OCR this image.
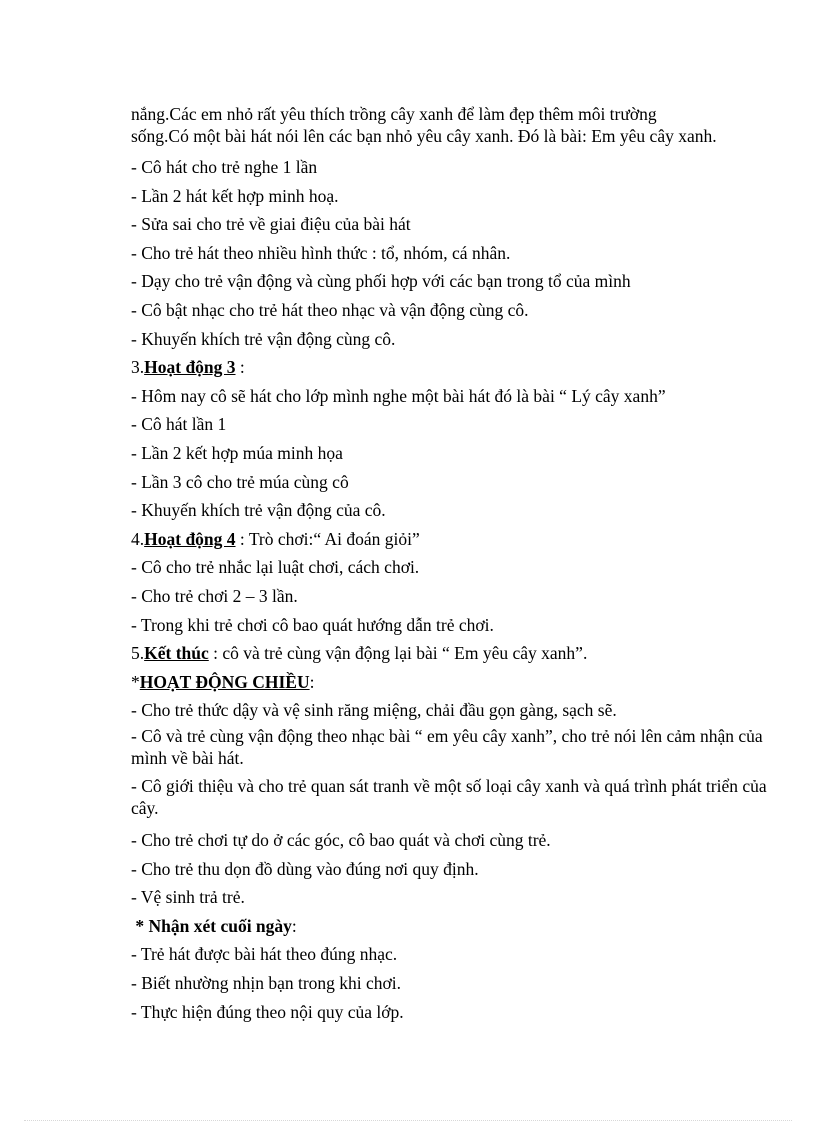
nắng.Các em nhỏ rất yêu thích trồng cây xanh để làm đẹp thêm môi trường
sống.Có một bài hát nói lên các bạn nhỏ yêu cây xanh. Đó là bài: Em yêu cây xanh.

- Cô hát cho trẻ nghe 1 lần

- Lần 2 hát kết hợp minh hoạ.

- Sửa sai cho trẻ về giai điệu của bài hát

- Cho trẻ hát theo nhiều hình thức : tổ, nhóm, cá nhân.

- Dạy cho trẻ vận động và cùng phối hợp với các bạn trong tổ của mình

- Cô bật nhạc cho trẻ hát theo nhạc và vận động cùng cô.

- Khuyến khích trẻ vận động cùng cô.

3.Hoạt động 3 :

- Hôm nay cô sẽ hát cho lớp mình nghe một bài hát đó là bài “ Lý cây xanh”

- Cô hát lần 1

- Lần 2 kết hợp múa minh họa

- Lần 3 cô cho trẻ múa cùng cô

- Khuyến khích trẻ vận động của cô.

4.Hoạt động 4 : Trò chơi:“ Ai đoán giỏi”

- Cô cho trẻ nhắc lại luật chơi, cách chơi.

- Cho trẻ chơi 2 – 3 lần.

- Trong khi trẻ chơi cô bao quát hướng dẫn trẻ chơi.

5.Kết thúc : cô và trẻ cùng vận động lại bài “ Em yêu cây xanh”.

*HOẠT ĐỘNG CHIỀU:

- Cho trẻ thức dậy và vệ sinh răng miệng, chải đầu gọn gàng, sạch sẽ.

- Cô và trẻ cùng vận động theo nhạc bài “ em yêu cây xanh”, cho trẻ nói lên cảm nhận của mình về bài hát.

- Cô giới thiệu và cho trẻ quan sát tranh về một số loại cây xanh và quá trình phát triển của cây.

- Cho trẻ chơi tự do ở các góc, cô bao quát và chơi cùng trẻ.

- Cho trẻ thu dọn đồ dùng vào đúng nơi quy định.

- Vệ sinh trả trẻ.

* Nhận xét cuối ngày:

- Trẻ hát được bài hát theo đúng nhạc.

- Biết nhường nhịn bạn trong khi chơi.

- Thực hiện đúng theo nội quy của lớp.
